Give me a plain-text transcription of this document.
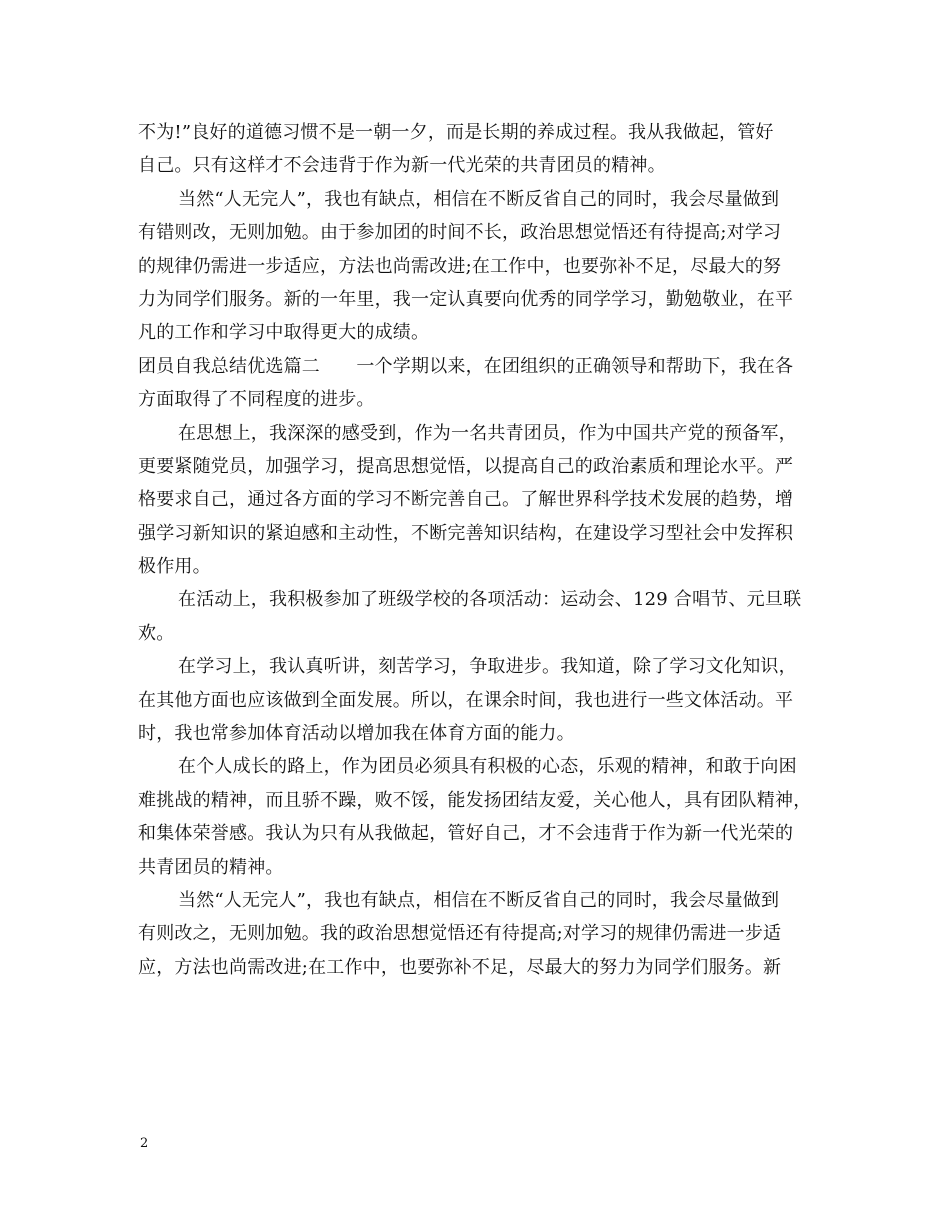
不为!”良好的道德习惯不是一朝一夕，而是长期的养成过程。我从我做起，管好
自己。只有这样才不会违背于作为新一代光荣的共青团员的精神。
当然“人无完人”，我也有缺点，相信在不断反省自己的同时，我会尽量做到
有错则改，无则加勉。由于参加团的时间不长，政治思想觉悟还有待提高;对学习
的规律仍需进一步适应，方法也尚需改进;在工作中，也要弥补不足，尽最大的努
力为同学们服务。新的一年里，我一定认真要向优秀的同学学习，勤勉敬业，在平
凡的工作和学习中取得更大的成绩。
团员自我总结优选篇二　　一个学期以来，在团组织的正确领导和帮助下，我在各
方面取得了不同程度的进步。
在思想上，我深深的感受到，作为一名共青团员，作为中国共产党的预备军，
更要紧随党员，加强学习，提高思想觉悟，以提高自己的政治素质和理论水平。严
格要求自己，通过各方面的学习不断完善自己。了解世界科学技术发展的趋势，增
强学习新知识的紧迫感和主动性，不断完善知识结构，在建设学习型社会中发挥积
极作用。
在活动上，我积极参加了班级学校的各项活动：运动会、129 合唱节、元旦联
欢。
在学习上，我认真听讲，刻苦学习，争取进步。我知道，除了学习文化知识，
在其他方面也应该做到全面发展。所以，在课余时间，我也进行一些文体活动。平
时，我也常参加体育活动以增加我在体育方面的能力。
在个人成长的路上，作为团员必须具有积极的心态，乐观的精神，和敢于向困
难挑战的精神，而且骄不躁，败不馁，能发扬团结友爱，关心他人，具有团队精神，
和集体荣誉感。我认为只有从我做起，管好自己，才不会违背于作为新一代光荣的
共青团员的精神。
当然“人无完人”，我也有缺点，相信在不断反省自己的同时，我会尽量做到
有则改之，无则加勉。我的政治思想觉悟还有待提高;对学习的规律仍需进一步适
应，方法也尚需改进;在工作中，也要弥补不足，尽最大的努力为同学们服务。新
2
